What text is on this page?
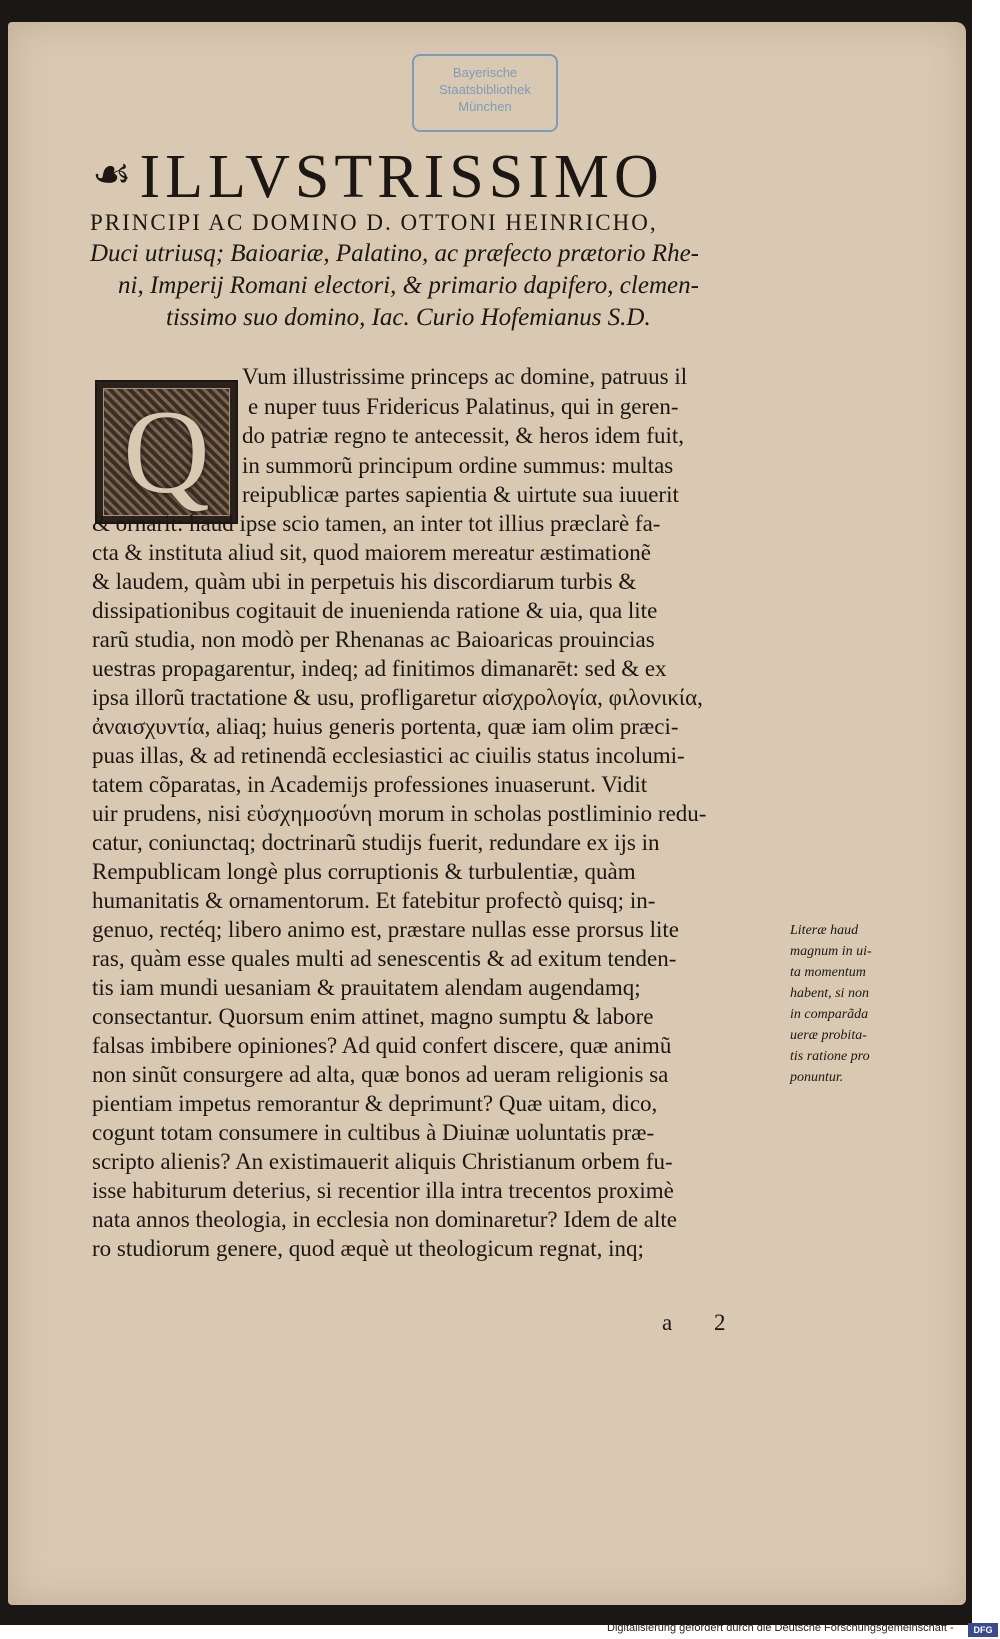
Bayerische
Staatsbibliothek
München
☙ ILLVSTRISSIMO
PRINCIPI AC DOMINO D. OTTONI HEINRICHO,
Duci utriusq; Baioariæ, Palatino, ac præfecto prætorio Rhe-
ni, Imperij Romani electori, & primario dapifero, clemen-
tissimo suo domino, Iac. Curio Hofemianus S.D.
Q
Vum illustrissime princeps ac domine, patruus il
e nuper tuus Fridericus Palatinus, qui in geren-
do patriæ regno te antecessit, & heros idem fuit,
in summorũ principum ordine summus: multas
reipublicæ partes sapientia & uirtute sua iuuerit
& ornarit: haud ipse scio tamen, an inter tot illius præclarè fa-
cta & instituta aliud sit, quod maiorem mereatur æstimationẽ
& laudem, quàm ubi in perpetuis his discordiarum turbis &
dissipationibus cogitauit de inuenienda ratione & uia, qua lite
rarũ studia, non modò per Rhenanas ac Baioaricas prouincias
uestras propagarentur, indeq; ad finitimos dimanarēt: sed & ex
ipsa illorũ tractatione & usu, profligaretur αἰσχρολογία, φιλονικία,
ἀναισχυντία, aliaq; huius generis portenta, quæ iam olim præci-
puas illas, & ad retinendã ecclesiastici ac ciuilis status incolumi-
tatem cõparatas, in Academijs professiones inuaserunt. Vidit
uir prudens, nisi εὐσχημοσύνη morum in scholas postliminio redu-
catur, coniunctaq; doctrinarũ studijs fuerit, redundare ex ijs in
Rempublicam longè plus corruptionis & turbulentiæ, quàm
humanitatis & ornamentorum. Et fatebitur profectò quisq; in-
genuo, rectéq; libero animo est, præstare nullas esse prorsus lite
ras, quàm esse quales multi ad senescentis & ad exitum tenden-
tis iam mundi uesaniam & prauitatem alendam augendamq;
consectantur. Quorsum enim attinet, magno sumptu & labore
falsas imbibere opiniones? Ad quid confert discere, quæ animũ
non sinũt consurgere ad alta, quæ bonos ad ueram religionis sa
pientiam impetus remorantur & deprimunt? Quæ uitam, dico,
cogunt totam consumere in cultibus à Diuinæ uoluntatis præ-
scripto alienis? An existimauerit aliquis Christianum orbem fu-
isse habiturum deterius, si recentior illa intra trecentos proximè
nata annos theologia, in ecclesia non dominaretur? Idem de alte
ro studiorum genere, quod æquè ut theologicum regnat, inq;
Literæ haud
magnum in ui-
ta momentum
habent, si non
in comparãda
ueræ probita-
tis ratione pro
ponuntur.
a 2
Digitalisierung gefördert durch die Deutsche Forschungsgemeinschaft -	DFG
